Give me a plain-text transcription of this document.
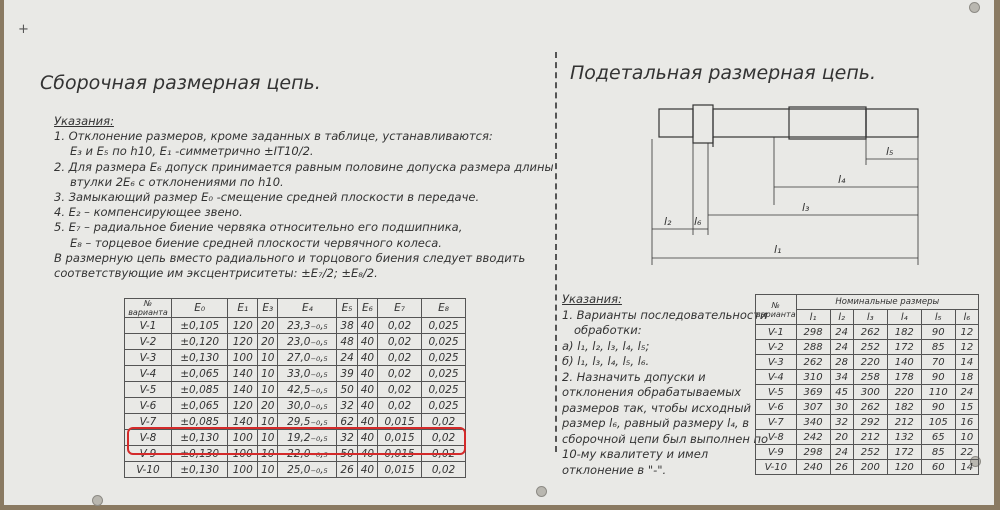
+
Сборочная размерная цепь.
Указания:
1. Отклонение размеров, кроме заданных в таблице, устанавливаются:
E₃ и E₅ по h10, E₁ -симметрично ±IT10/2.
2. Для размера E₆ допуск принимается равным половине допуска размера длины
втулки 2E₆ с отклонениями по h10.
3. Замыкающий размер E₀ -смещение средней плоскости в передаче.
4. E₂ – компенсирующее звено.
5. E₇ – радиальное биение червяка относительно его подшипника,
E₈ – торцевое биение средней плоскости червячного колеса.
В размерную цепь вместо радиального и торцового биения следует вводить
соответствующие им эксцентриситеты: ±E₇/2; ±E₈/2.
№ варианта	E₀	E₁	E₃	E₄	E₅	E₆	E₇	E₈
V-1	±0,105	120	20	23,3₋₀,₅	38	40	0,02	0,025
V-2	±0,120	120	20	23,0₋₀,₅	48	40	0,02	0,025
V-3	±0,130	100	10	27,0₋₀,₅	24	40	0,02	0,025
V-4	±0,065	140	10	33,0₋₀,₅	39	40	0,02	0,025
V-5	±0,085	140	10	42,5₋₀,₅	50	40	0,02	0,025
V-6	±0,065	120	20	30,0₋₀,₅	32	40	0,02	0,025
V-7	±0,085	140	10	29,5₋₀,₅	62	40	0,015	0,02
V-8	±0,130	100	10	19,2₋₀,₅	32	40	0,015	0,02
V-9	±0,130	100	10	22,0₋₀,₅	50	40	0,015	0,02
V-10	±0,130	100	10	25,0₋₀,₅	26	40	0,015	0,02
Подетальная размерная цепь.
l₅
l₄
l₃
l₂ l₆
l₁
Указания:
1. Варианты последовательности
обработки:
а) l₁, l₂, l₃, l₄, l₅;
б) l₁, l₃, l₄, l₅, l₆.
2. Назначить допуски и
отклонения обрабатываемых
размеров так, чтобы исходный
размер l₆, равный размеру l₄, в
сборочной цепи был выполнен по
10-му квалитету и имел
отклонение в "-".
№ варианта	Номинальные размеры					
	l₁	l₂	l₃	l₄	l₅	l₆
V-1	298	24	262	182	90	12
V-2	288	24	252	172	85	12
V-3	262	28	220	140	70	14
V-4	310	34	258	178	90	18
V-5	369	45	300	220	110	24
V-6	307	30	262	182	90	15
V-7	340	32	292	212	105	16
V-8	242	20	212	132	65	10
V-9	298	24	252	172	85	22
V-10	240	26	200	120	60	14
